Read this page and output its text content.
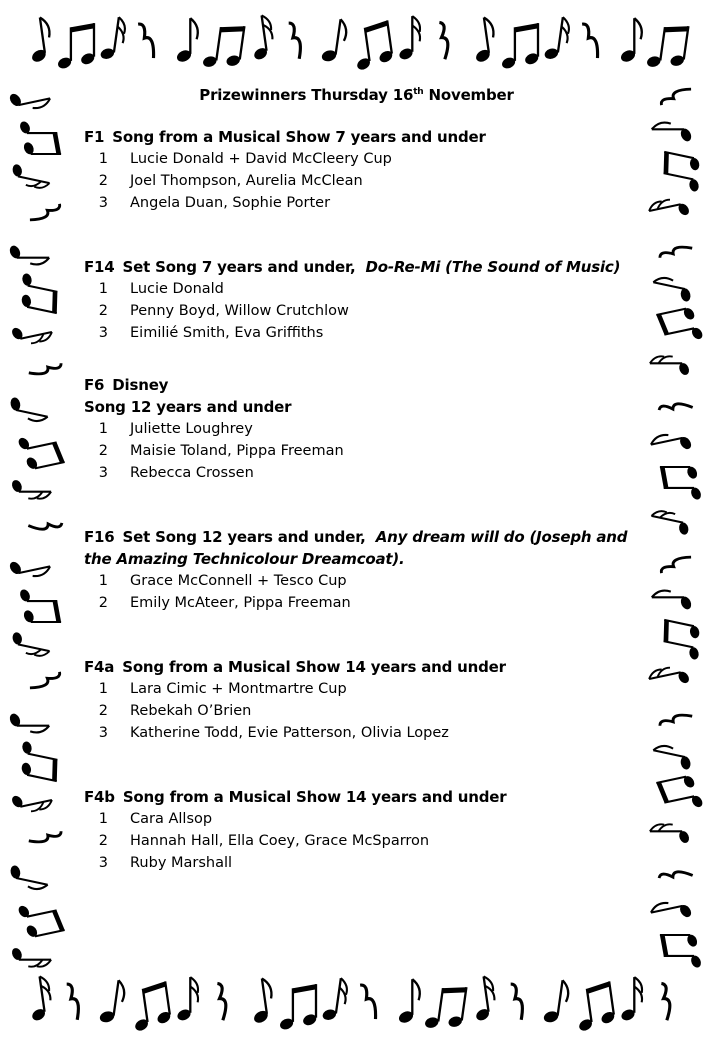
Prizewinners Thursday 16th November
F1 Song from a Musical Show 7 years and under
1 Lucie Donald + David McCleery Cup
2 Joel Thompson, Aurelia McClean
3 Angela Duan, Sophie Porter
F14 Set Song 7 years and under, Do-Re-Mi (The Sound of Music)
1 Lucie Donald
2 Penny Boyd, Willow Crutchlow
3 Eimilié Smith, Eva Griffiths
F6 Disney
Song 12 years and under
1 Juliette Loughrey
2 Maisie Toland, Pippa Freeman
3 Rebecca Crossen
F16 Set Song 12 years and under, Any dream will do (Joseph and the Amazing Technicolour Dreamcoat).
1 Grace McConnell + Tesco Cup
2 Emily McAteer, Pippa Freeman
F4a Song from a Musical Show 14 years and under
1 Lara Cimic + Montmartre Cup
2 Rebekah O’Brien
3 Katherine Todd, Evie Patterson, Olivia Lopez
F4b Song from a Musical Show 14 years and under
1 Cara Allsop
2 Hannah Hall, Ella Coey, Grace McSparron
3 Ruby Marshall
